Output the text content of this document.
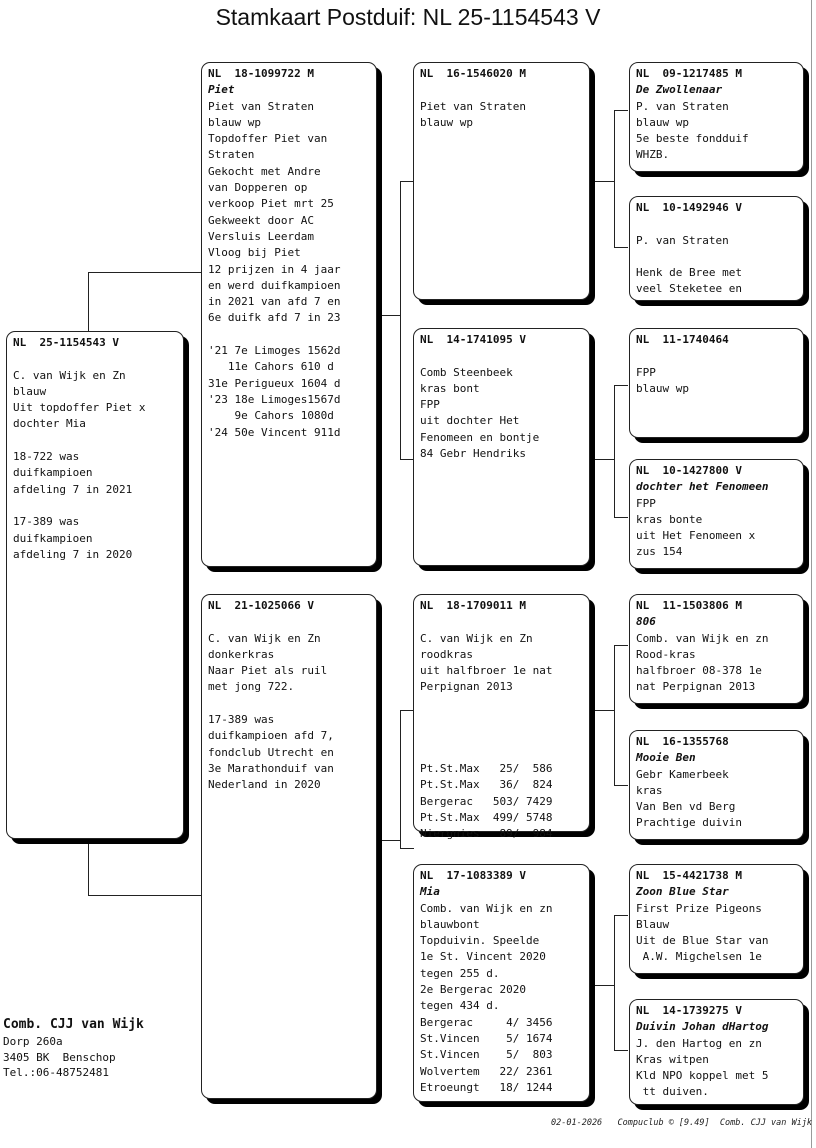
Stamkaart Postduif: NL 25-1154543 V
NL  25-1154543 V
C. van Wijk en Zn
blauw
Uit topdoffer Piet x
dochter Mia
18-722 was
duifkampioen
afdeling 7 in 2021
17-389 was
duifkampioen
afdeling 7 in 2020
NL  18-1099722 M
Piet
Piet van Straten
blauw wp
Topdoffer Piet van
Straten
Gekocht met Andre
van Dopperen op
verkoop Piet mrt 25
Gekweekt door AC
Versluis Leerdam
Vloog bij Piet
12 prijzen in 4 jaar
en werd duifkampioen
in 2021 van afd 7 en
6e duifk afd 7 in 23
'21 7e Limoges 1562d
11e Cahors 610 d
31e Perigueux 1604 d
'23 18e Limoges1567d
9e Cahors 1080d
'24 50e Vincent 911d
NL  21-1025066 V
C. van Wijk en Zn
donkerkras
Naar Piet als ruil
met jong 722.
17-389 was
duifkampioen afd 7,
fondclub Utrecht en
3e Marathonduif van
Nederland in 2020
NL  16-1546020 M
Piet van Straten
blauw wp
NL  14-1741095 V
Comb Steenbeek
kras bont
FPP
uit dochter Het
Fenomeen en bontje
84 Gebr Hendriks
NL  18-1709011 M
C. van Wijk en Zn
roodkras
uit halfbroer 1e nat
Perpignan 2013
Pt.St.Max   25/  586
Pt.St.Max   36/  824
Bergerac   503/ 7429
Pt.St.Max  499/ 5748
Niergnies   89/  984
NL  17-1083389 V
Mia
Comb. van Wijk en zn
blauwbont
Topduivin. Speelde
1e St. Vincent 2020
tegen 255 d.
2e Bergerac 2020
tegen 434 d.
Bergerac     4/ 3456
St.Vincen    5/ 1674
St.Vincen    5/  803
Wolvertem   22/ 2361
Etroeungt   18/ 1244
NL  09-1217485 M
De Zwollenaar
P. van Straten
blauw wp
5e beste fondduif
WHZB.
NL  10-1492946 V
P. van Straten
Henk de Bree met
veel Steketee en
NL  11-1740464
FPP
blauw wp
NL  10-1427800 V
dochter het Fenomeen
FPP
kras bonte
uit Het Fenomeen x
zus 154
NL  11-1503806 M
806
Comb. van Wijk en zn
Rood-kras
halfbroer 08-378 1e
nat Perpignan 2013
NL  16-1355768
Mooie Ben
Gebr Kamerbeek
kras
Van Ben vd Berg
Prachtige duivin
NL  15-4421738 M
Zoon Blue Star
First Prize Pigeons
Blauw
Uit de Blue Star van
A.W. Migchelsen 1e
NL  14-1739275 V
Duivin Johan dHartog
J. den Hartog en zn
Kras witpen
Kld NPO koppel met 5
tt duiven.
Comb. CJJ van Wijk
Dorp 260a
3405 BK  Benschop
Tel.:06-48752481
02-01-2026   Compuclub © [9.49]  Comb. CJJ van Wijk
